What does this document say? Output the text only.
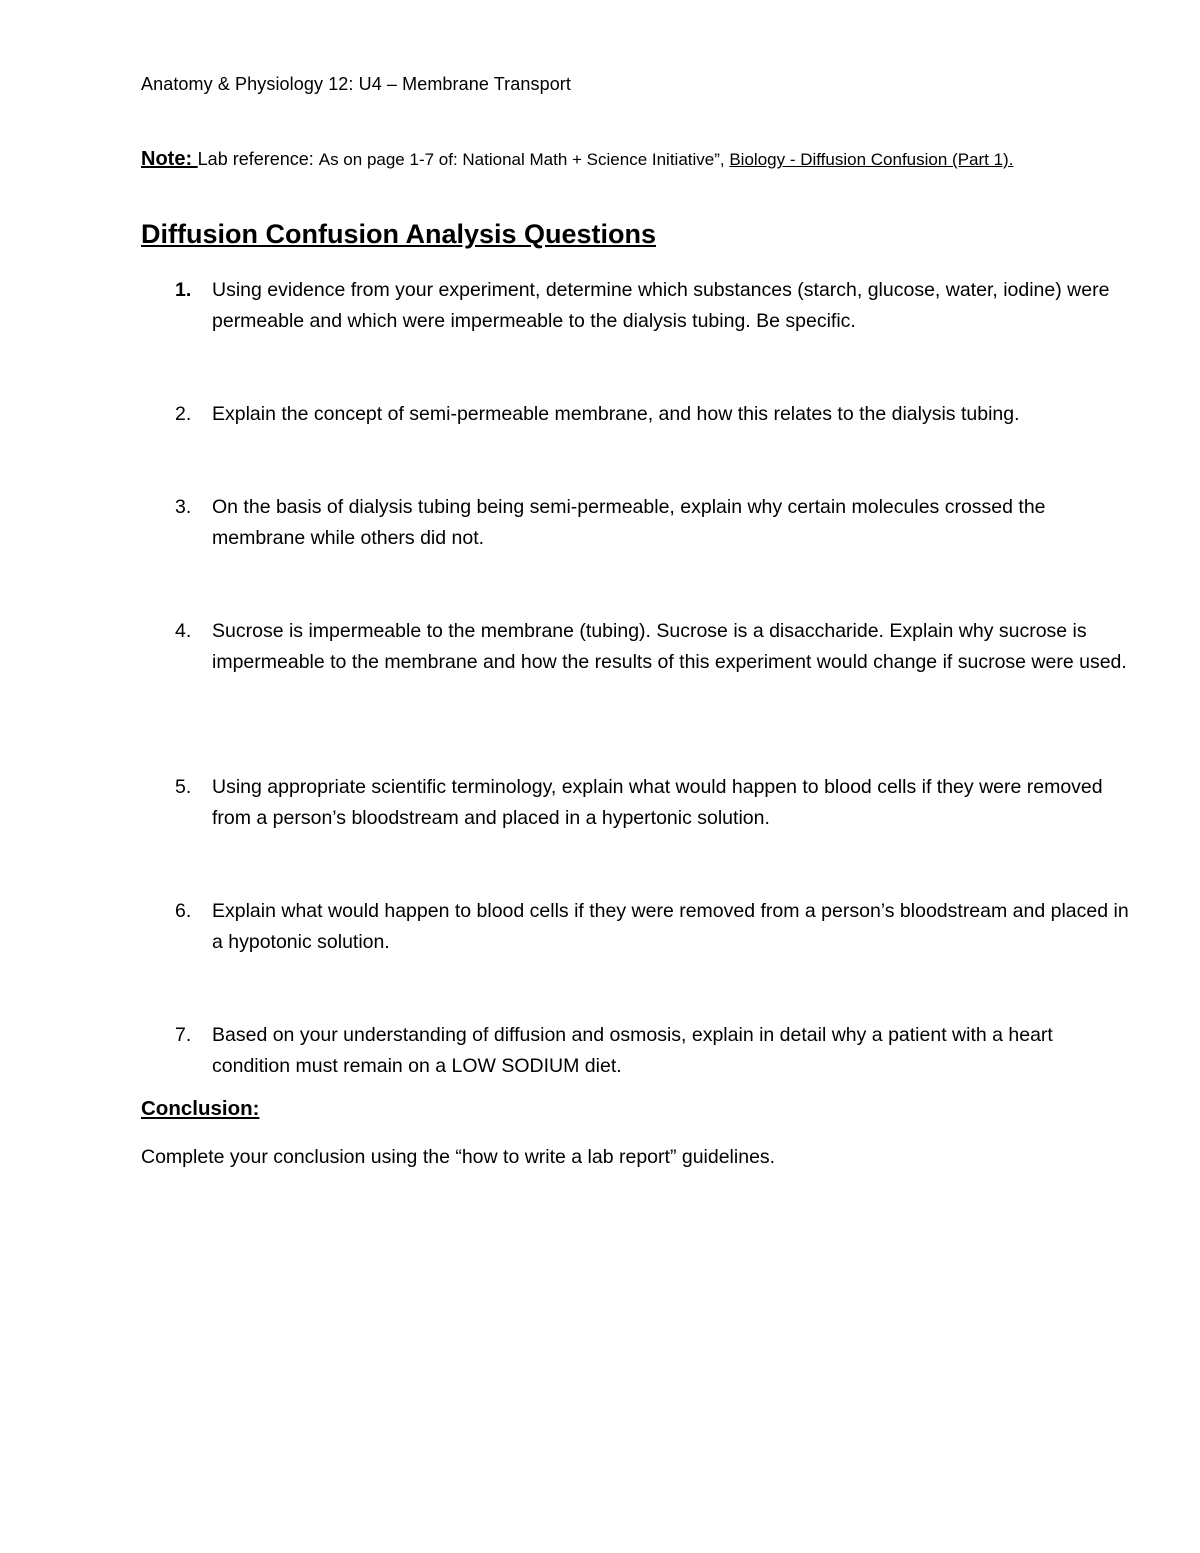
Anatomy & Physiology 12: U4 – Membrane Transport
Note: Lab reference: As on page 1-7 of: National Math + Science Initiative”, Biology - Diffusion Confusion (Part 1).
Diffusion Confusion Analysis Questions
1. Using evidence from your experiment, determine which substances (starch, glucose, water, iodine) were permeable and which were impermeable to the dialysis tubing. Be specific.
2. Explain the concept of semi-permeable membrane, and how this relates to the dialysis tubing.
3. On the basis of dialysis tubing being semi-permeable, explain why certain molecules crossed the membrane while others did not.
4. Sucrose is impermeable to the membrane (tubing). Sucrose is a disaccharide. Explain why sucrose is impermeable to the membrane and how the results of this experiment would change if sucrose were used.
5. Using appropriate scientific terminology, explain what would happen to blood cells if they were removed from a person’s bloodstream and placed in a hypertonic solution.
6. Explain what would happen to blood cells if they were removed from a person’s bloodstream and placed in a hypotonic solution.
7. Based on your understanding of diffusion and osmosis, explain in detail why a patient with a heart condition must remain on a LOW SODIUM diet.
Conclusion:
Complete your conclusion using the “how to write a lab report” guidelines.
